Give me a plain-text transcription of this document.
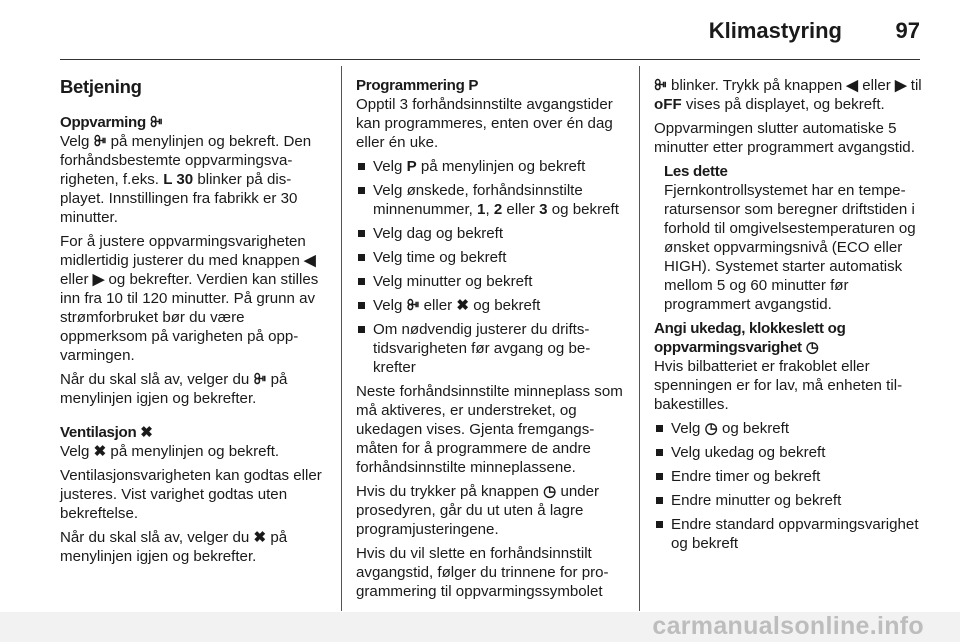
Klimastyring 97
Betjening
Oppvarming ꔻ

Velg ꔻ på menylinjen og bekreft. Den forhåndsbestemte oppvarmingsvarigheten, f.eks. L 30 blinker på displayet. Innstillingen fra fabrikk er 30 minutter.

For å justere oppvarmingsvarigheten midlertidig justerer du med knappen ◀ eller ▶ og bekrefter. Verdien kan stilles inn fra 10 til 120 minutter. På grunn av strømforbruket bør du være oppmerksom på varigheten på oppvarmingen.

Når du skal slå av, velger du ꔻ på menylinjen igjen og bekrefter.

Ventilasjon ✖

Velg ✖ på menylinjen og bekreft.

Ventilasjonsvarigheten kan godtas eller justeres. Vist varighet godtas uten bekreftelse.

Når du skal slå av, velger du ✖ på menylinjen igjen og bekrefter.

Programmering P

Opptil 3 forhåndsinnstilte avgangstider kan programmeres, enten over én dag eller én uke.

Velg P på menylinjen og bekreft
Velg ønskede, forhåndsinnstilte minnenummer, 1, 2 eller 3 og bekreft
Velg dag og bekreft
Velg time og bekreft
Velg minutter og bekreft
Velg ꔻ eller ✖ og bekreft
Om nødvendig justerer du driftstidsvarigheten før avgang og bekrefter

Neste forhåndsinnstilte minneplass som må aktiveres, er understreket, og ukedagen vises. Gjenta fremgangsmåten for å programmere de andre forhåndsinnstilte minneplassene.

Hvis du trykker på knappen ◷ under prosedyren, går du ut uten å lagre programjusteringene.

Hvis du vil slette en forhåndsinnstilt avgangstid, følger du trinnene for programmering til oppvarmingssymbolet

ꔻ blinker. Trykk på knappen ◀ eller ▶ til oFF vises på displayet, og bekreft.

Oppvarmingen slutter automatiske 5 minutter etter programmert avgangstid.

Les dette
Fjernkontrollsystemet har en temperatursensor som beregner driftstiden i forhold til omgivelsestemperaturen og ønsket oppvarmingsnivå (ECO eller HIGH). Systemet starter automatisk mellom 5 og 60 minutter før programmert avgangstid.
Angi ukedag, klokkeslett og oppvarmingsvarighet ◷

Hvis bilbatteriet er frakoblet eller spenningen er for lav, må enheten tilbakestilles.

Velg ◷ og bekreft
Velg ukedag og bekreft
Endre timer og bekreft
Endre minutter og bekreft
Endre standard oppvarmingsvarighet og bekreft
carmanualsonline.info
